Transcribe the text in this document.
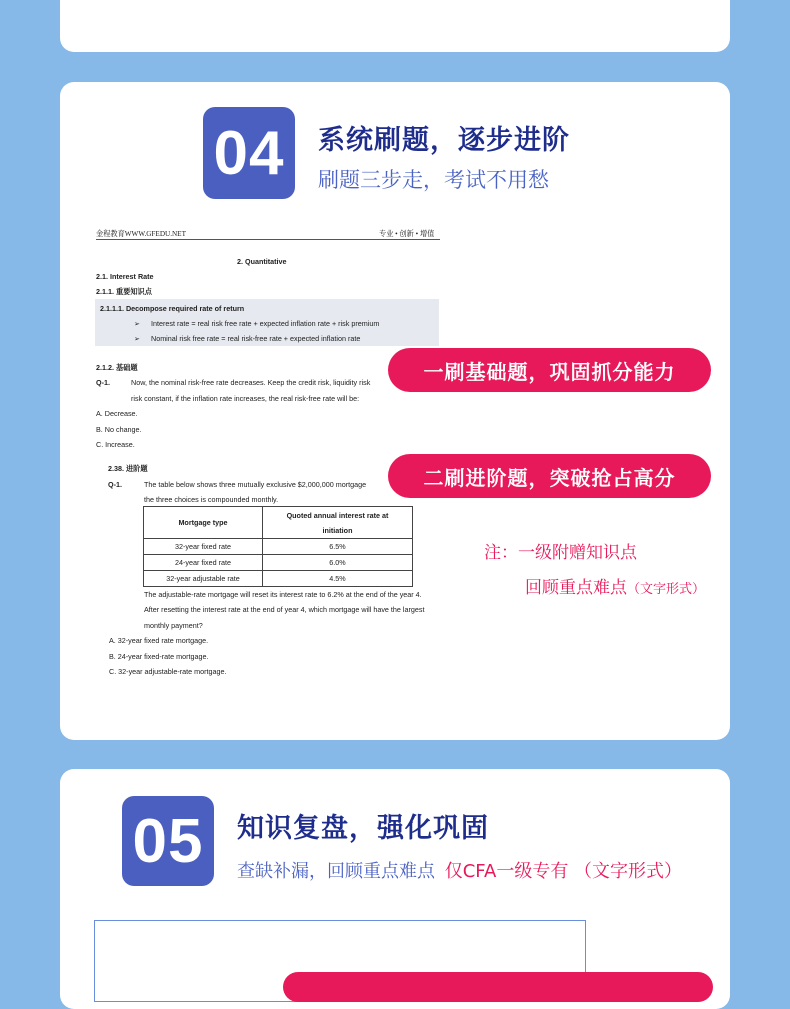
04	系统刷题，逐步进阶
刷题三步走，考试不用愁
金程教育WWW.GFEDU.NET	专业 • 创新 • 增值
2. Quantitative
2.1. Interest Rate
2.1.1. 重要知识点
2.1.1.1. Decompose required rate of return
➢ Interest rate = real risk free rate + expected inflation rate + risk premium
➢ Nominal risk free rate = real risk-free rate + expected inflation rate
2.1.2. 基础题
Q-1.	Now, the nominal risk-free rate decreases. Keep the credit risk, liquidity risk
risk constant, if the inflation rate increases, the real risk-free rate will be:
A. Decrease.
B. No change.
C. Increase.
2.38. 进阶题
Q-1.	The table below shows three mutually exclusive $2,000,000 mortgage
the three choices is compounded monthly.
Mortgage type	Quoted annual interest rate at
initiation

32-year fixed rate	6.5%
24-year fixed rate	6.0%
32-year adjustable rate	4.5%
The adjustable-rate mortgage will reset its interest rate to 6.2% at the end of the year 4.
After resetting the interest rate at the end of year 4, which mortgage will have the largest
monthly payment?
A. 32-year fixed rate mortgage.
B. 24-year fixed-rate mortgage.
C. 32-year adjustable-rate mortgage.
一刷基础题，巩固抓分能力
二刷进阶题，突破抢占高分
注：一级附赠知识点
回顾重点难点（文字形式）
05	知识复盘，强化巩固
查缺补漏，回顾重点难点 仅CFA一级专有 （文字形式）
